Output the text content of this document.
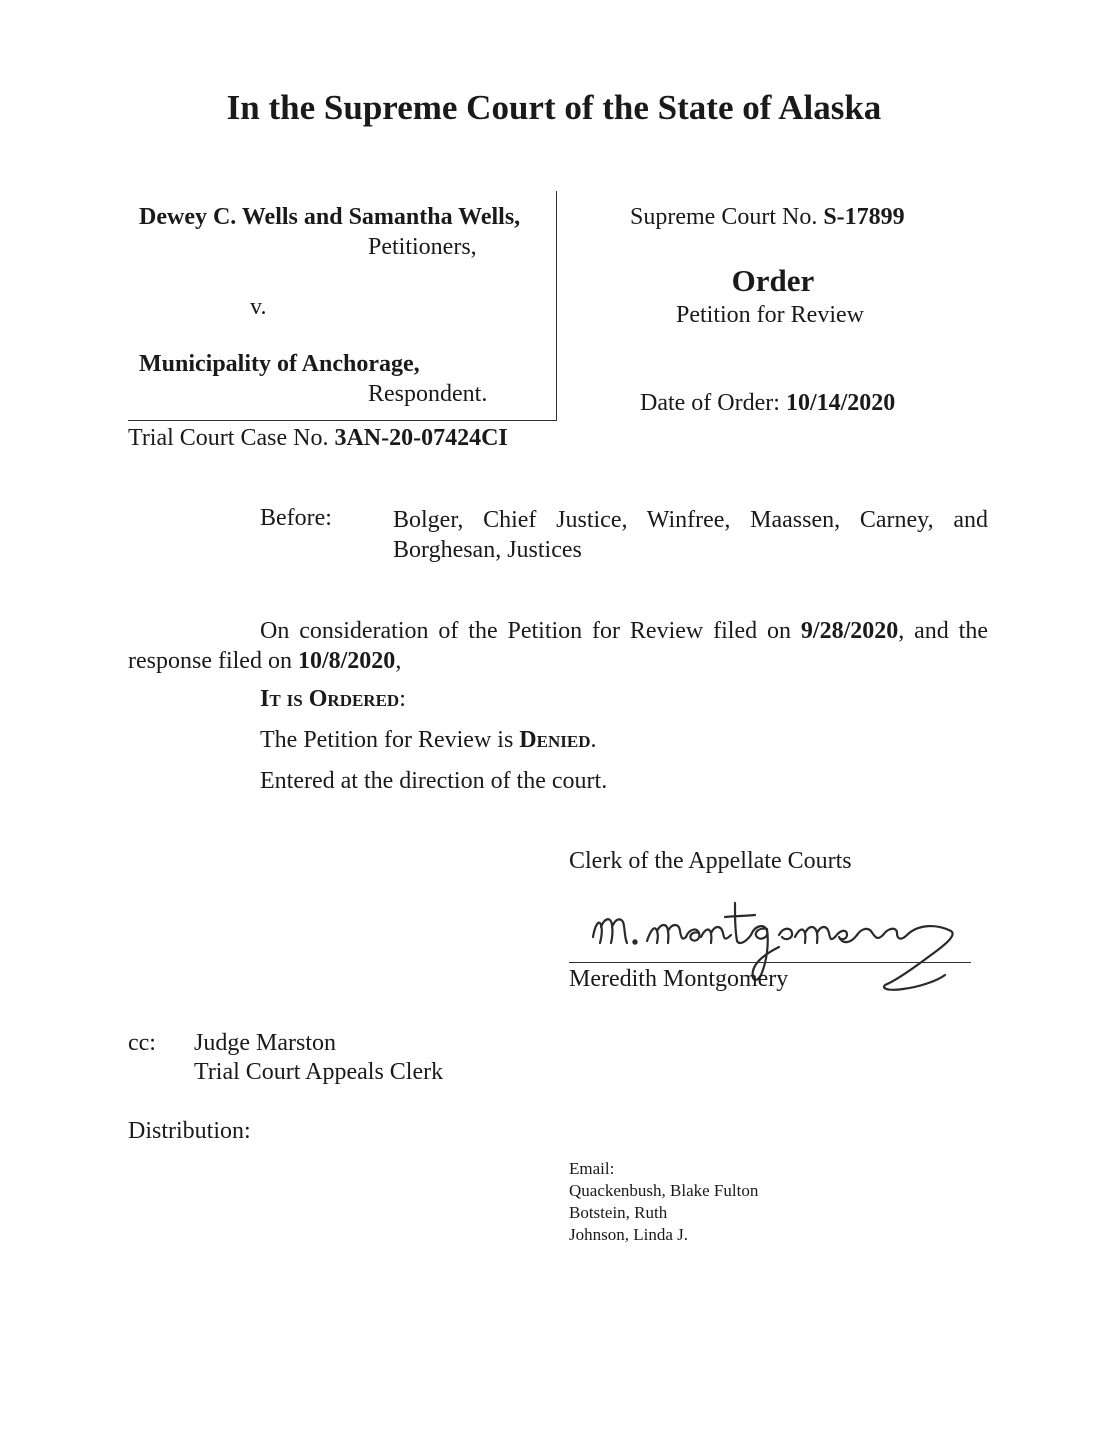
In the Supreme Court of the State of Alaska
Dewey C. Wells and Samantha Wells,
Petitioners,
v.
Municipality of Anchorage,
Respondent.
Trial Court Case No. 3AN-20-07424CI
Supreme Court No. S-17899
Order
Petition for Review
Date of Order: 10/14/2020
Before:	Bolger, Chief Justice, Winfree, Maassen, Carney, and Borghesan, Justices
On consideration of the Petition for Review filed on 9/28/2020, and the response filed on 10/8/2020,
It is Ordered:
The Petition for Review is Denied.
Entered at the direction of the court.
Clerk of the Appellate Courts
Meredith Montgomery
cc: Judge Marston
Trial Court Appeals Clerk
Distribution:
Email:
Quackenbush, Blake Fulton
Botstein, Ruth
Johnson, Linda J.
